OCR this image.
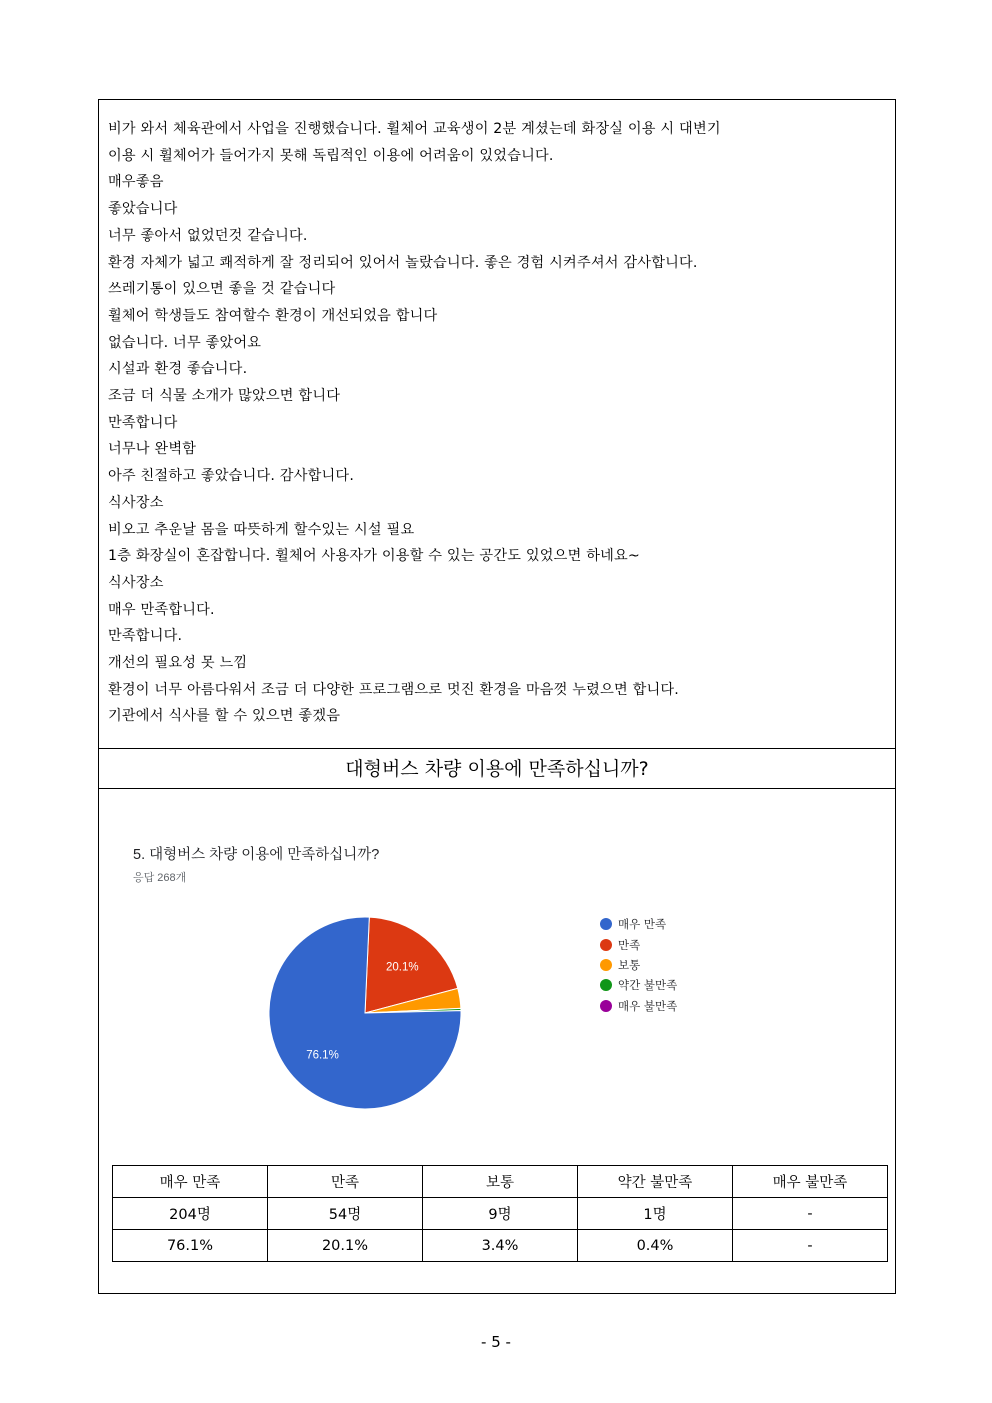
비가 와서 체육관에서 사업을 진행했습니다. 휠체어 교육생이 2분 계셨는데 화장실 이용 시 대변기
이용 시 휠체어가 들어가지 못해 독립적인 이용에 어려움이 있었습니다.
매우좋음
좋았습니다
너무 좋아서 없었던것 같습니다.
환경 자체가 넓고 쾌적하게 잘 정리되어 있어서 놀랐습니다. 좋은 경험 시켜주셔서 감사합니다.
쓰레기통이 있으면 좋을 것 같습니다
휠체어 학생들도 참여할수 환경이 개선되었음 합니다
없습니다. 너무 좋았어요
시설과 환경 좋습니다.
조금 더 식물 소개가 많았으면 합니다
만족합니다
너무나 완벽함
아주 친절하고 좋았습니다. 감사합니다.
식사장소
비오고 추운날 몸을 따뜻하게 할수있는 시설 필요
1층 화장실이 혼잡합니다. 휠체어 사용자가 이용할 수 있는 공간도 있었으면 하네요~
식사장소
매우 만족합니다.
만족합니다.
개선의 필요성 못 느낌
환경이 너무 아름다워서 조금 더 다양한 프로그램으로 멋진 환경을 마음껏 누렸으면 합니다.
기관에서 식사를 할 수 있으면 좋겠음
대형버스 차량 이용에 만족하십니까?
5. 대형버스 차량 이용에 만족하십니까?
응답 268개
20.1%
76.1%
매우 만족
만족
보통
약간 불만족
매우 불만족
매우 만족	만족	보통	약간 불만족	매우 불만족
204명	54명	9명	1명	-
76.1%	20.1%	3.4%	0.4%	-
- 5 -
